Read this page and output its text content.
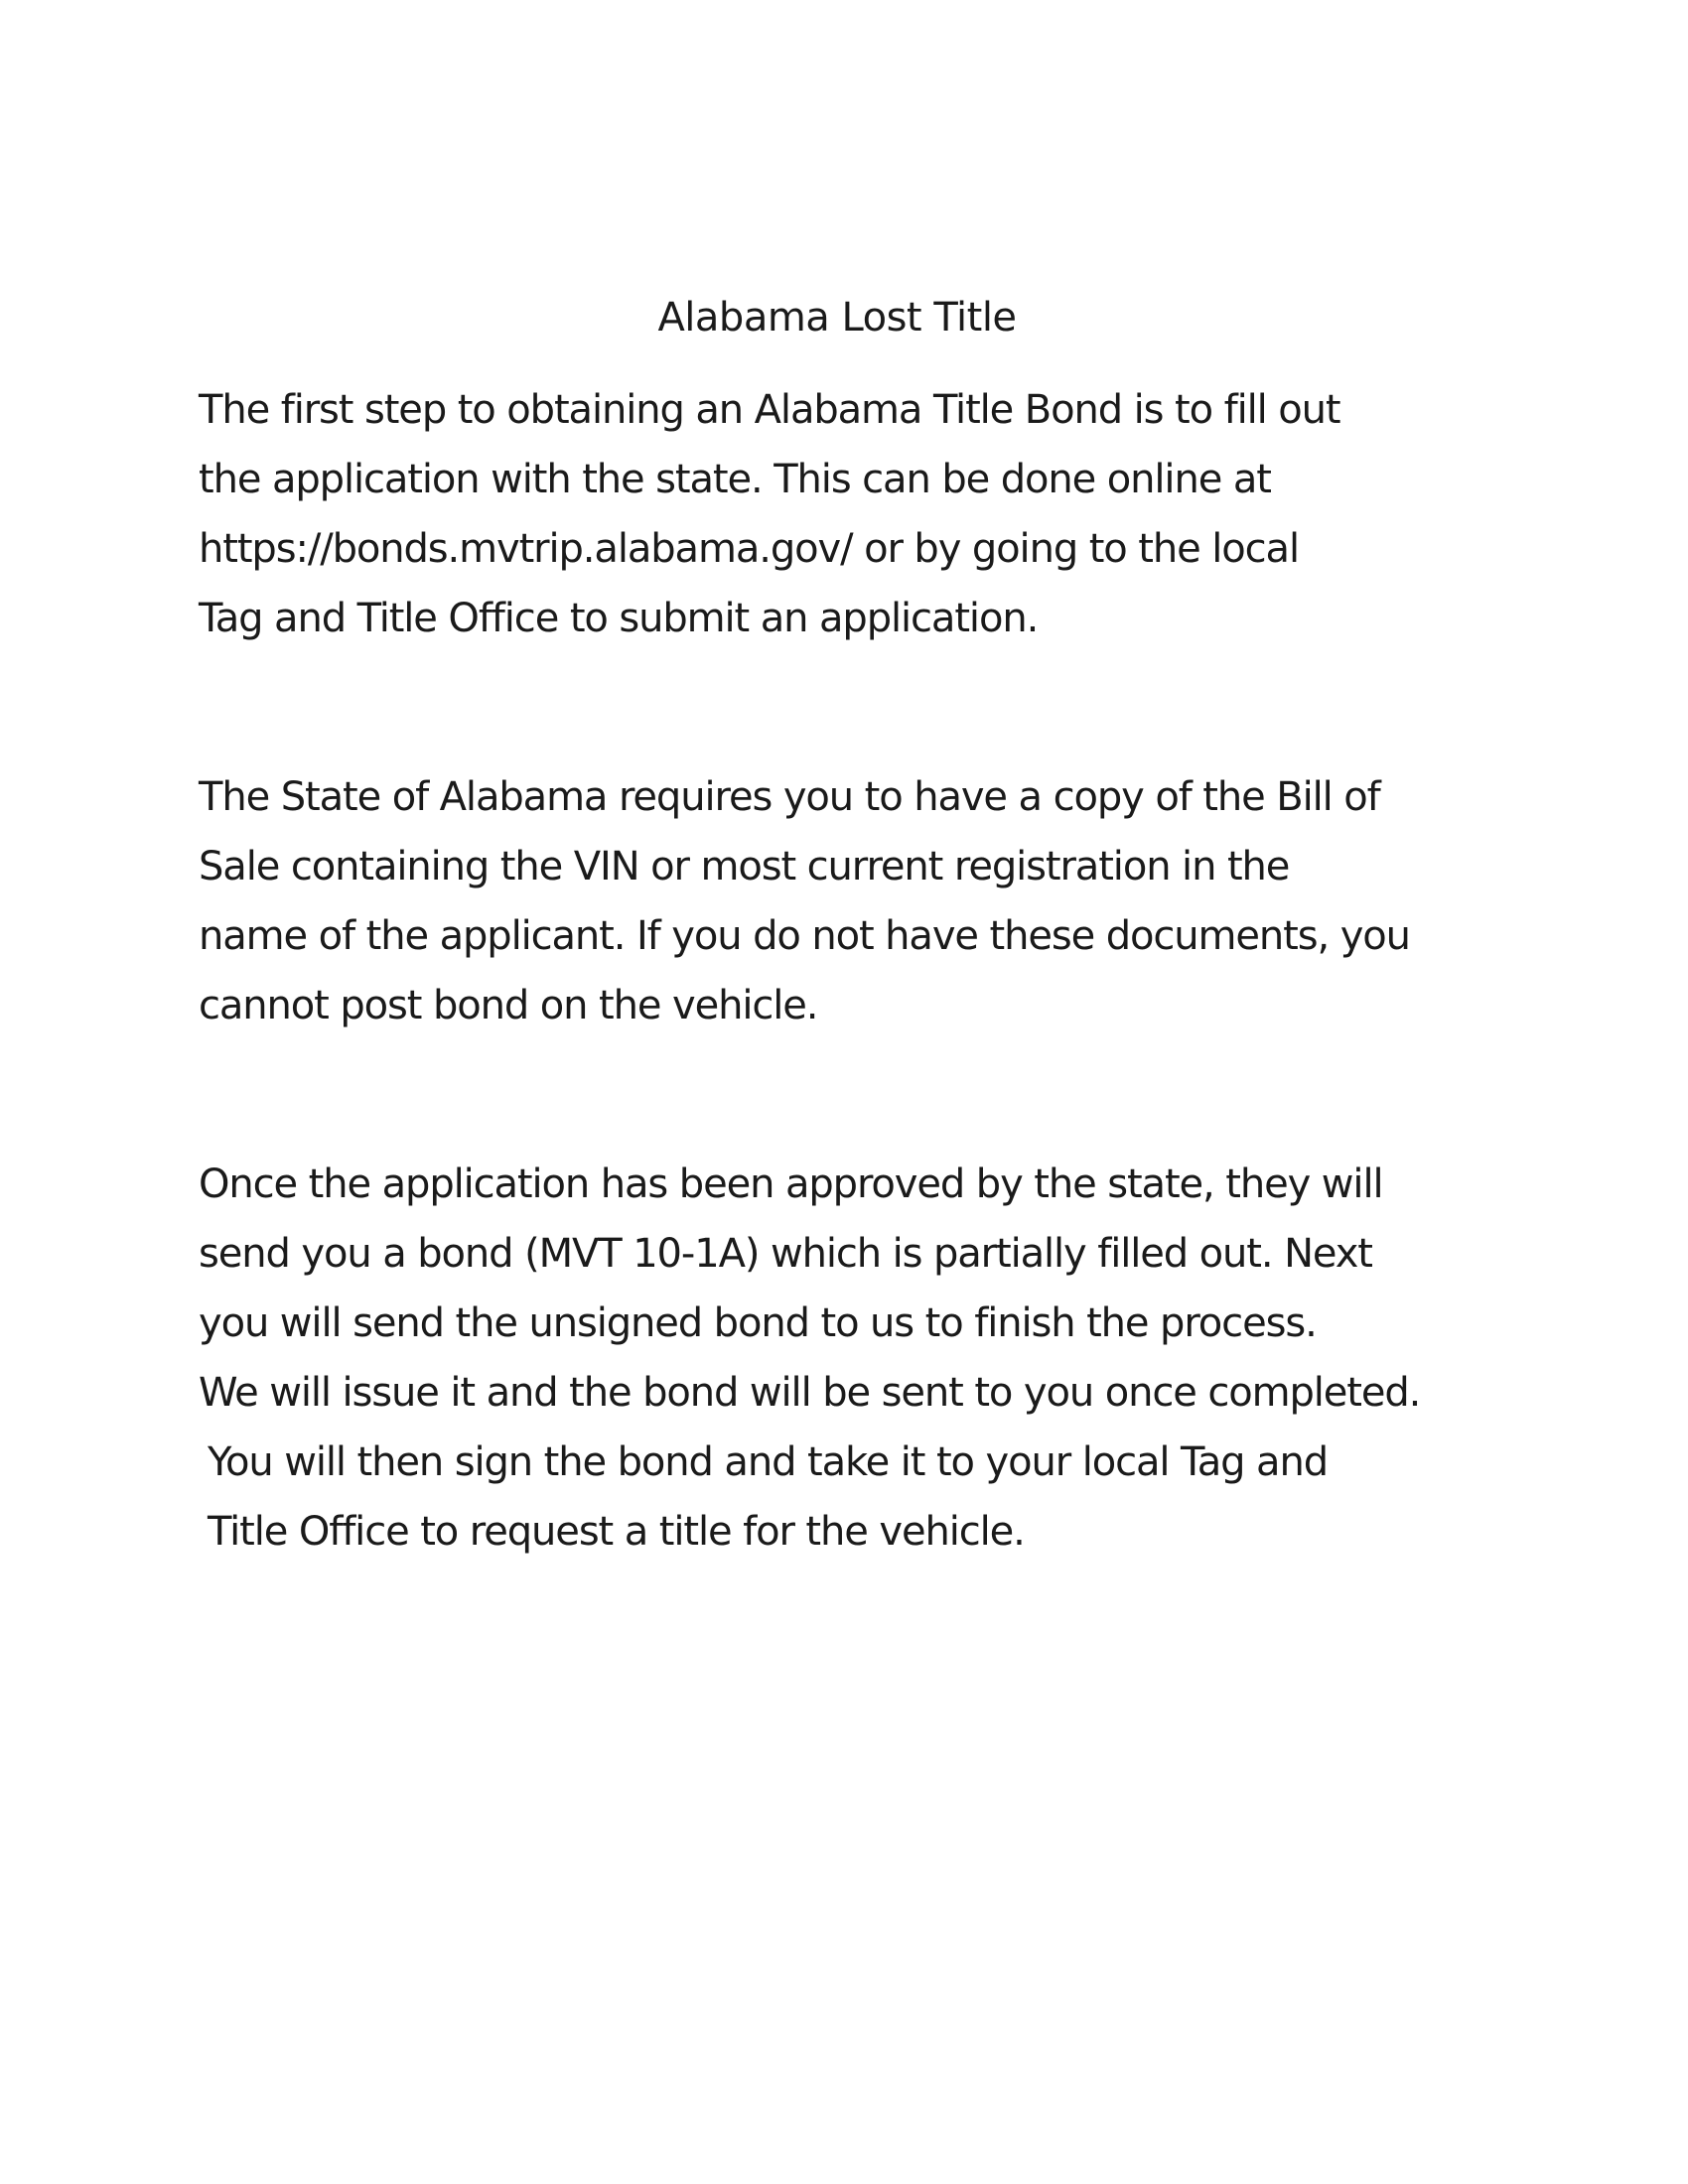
Alabama Lost Title
The first step to obtaining an Alabama Title Bond is to fill out
the application with the state. This can be done online at
https://bonds.mvtrip.alabama.gov/ or by going to the local
Tag and Title Office to submit an application.
The State of Alabama requires you to have a copy of the Bill of
Sale containing the VIN or most current registration in the
name of the applicant. If you do not have these documents, you
cannot post bond on the vehicle.
Once the application has been approved by the state, they will
send you a bond (MVT 10-1A) which is partially filled out. Next
you will send the unsigned bond to us to finish the process.
We will issue it and the bond will be sent to you once completed.
You will then sign the bond and take it to your local Tag and
Title Office to request a title for the vehicle.
